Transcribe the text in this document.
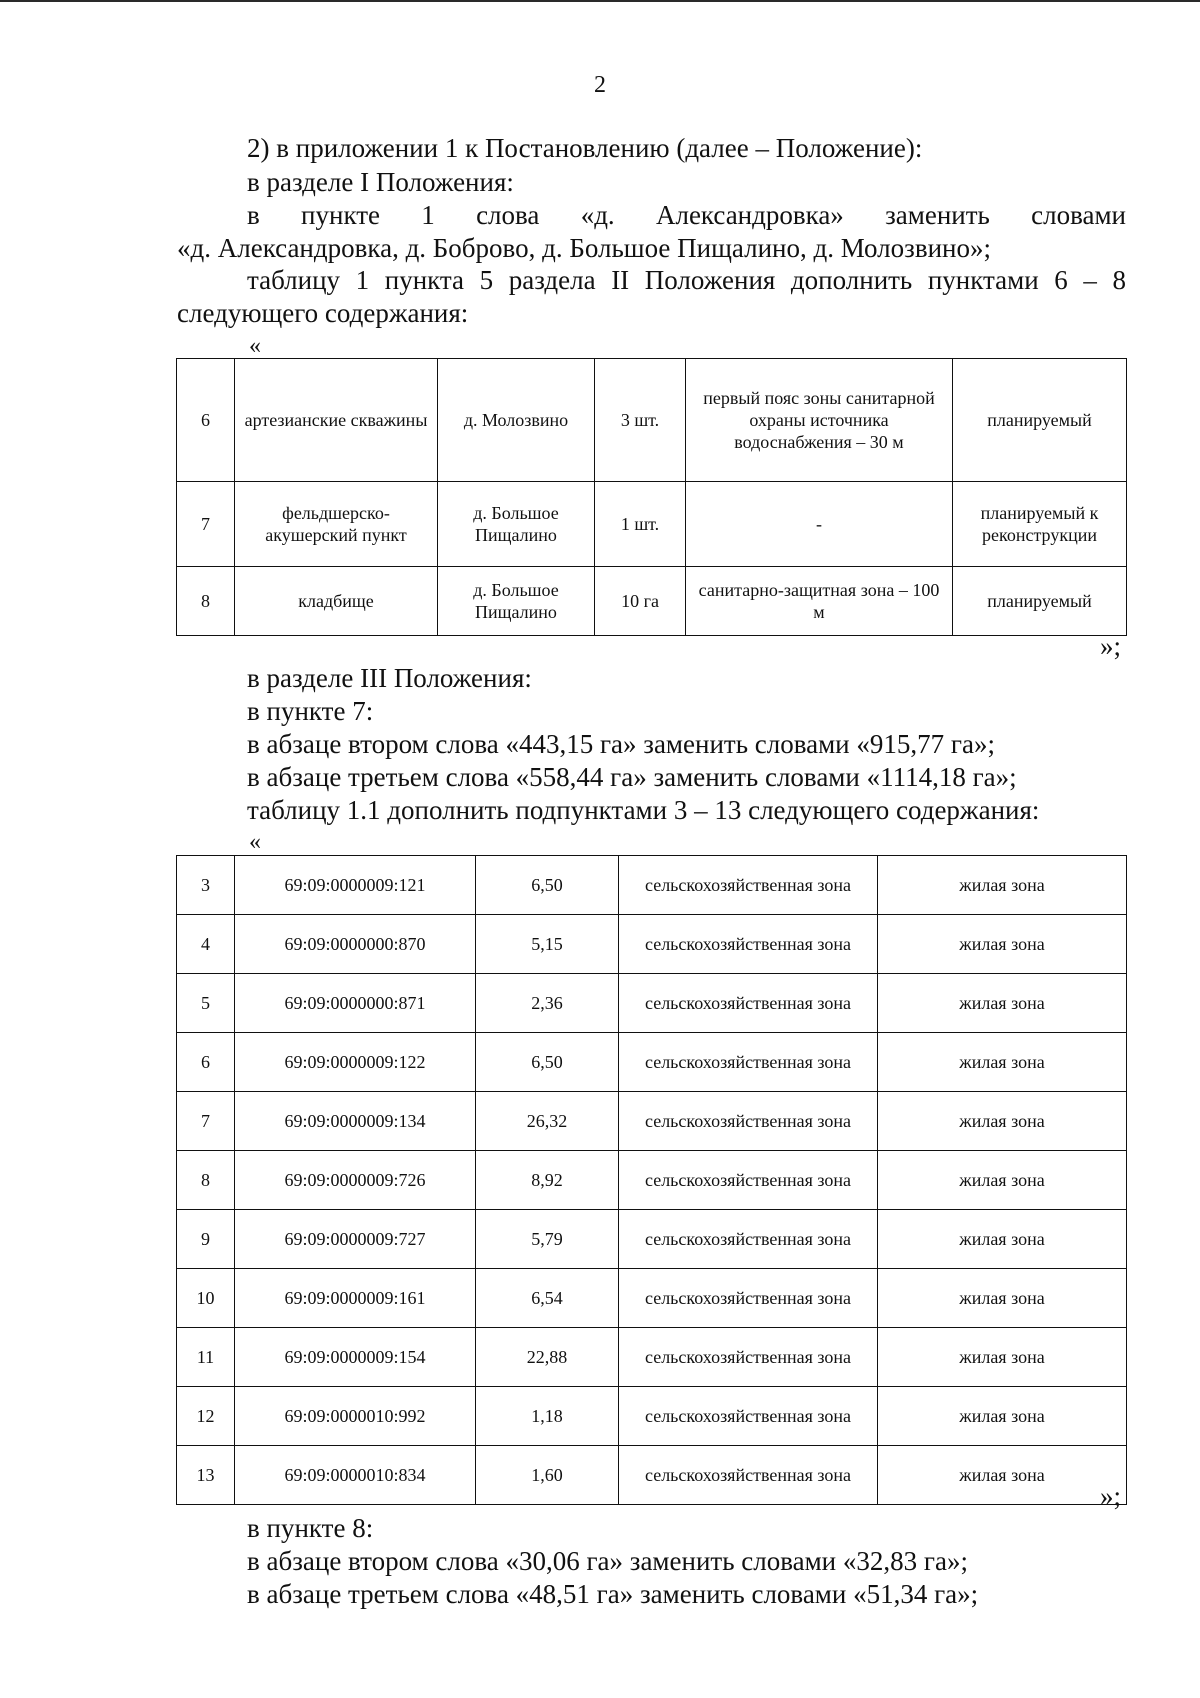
2
2) в приложении 1 к Постановлению (далее – Положение):
в разделе I Положения:
в пункте 1 слова «д. Александровка» заменить словами
«д. Александровка, д. Боброво, д. Большое Пищалино, д. Молозвино»;
таблицу 1 пункта 5 раздела II Положения дополнить пунктами 6 – 8
следующего содержания:
«
6	артезианские скважины	д. Молозвино	3 шт.	первый пояс зоны санитарной охраны источника водоснабжения – 30 м	планируемый
7	фельдшерско-акушерский пункт	д. Большое Пищалино	1 шт.	-	планируемый к реконструкции
8	кладбище	д. Большое Пищалино	10 га	санитарно-защитная зона – 100 м	планируемый
»;
в разделе III Положения:
в пункте 7:
в абзаце втором слова «443,15 га» заменить словами «915,77 га»;
в абзаце третьем слова «558,44 га» заменить словами «1114,18 га»;
таблицу 1.1 дополнить подпунктами 3 – 13 следующего содержания:
«
3	69:09:0000009:121	6,50	сельскохозяйственная зона	жилая зона
4	69:09:0000000:870	5,15	сельскохозяйственная зона	жилая зона
5	69:09:0000000:871	2,36	сельскохозяйственная зона	жилая зона
6	69:09:0000009:122	6,50	сельскохозяйственная зона	жилая зона
7	69:09:0000009:134	26,32	сельскохозяйственная зона	жилая зона
8	69:09:0000009:726	8,92	сельскохозяйственная зона	жилая зона
9	69:09:0000009:727	5,79	сельскохозяйственная зона	жилая зона
10	69:09:0000009:161	6,54	сельскохозяйственная зона	жилая зона
11	69:09:0000009:154	22,88	сельскохозяйственная зона	жилая зона
12	69:09:0000010:992	1,18	сельскохозяйственная зона	жилая зона
13	69:09:0000010:834	1,60	сельскохозяйственная зона	жилая зона
»;
в пункте 8:
в абзаце втором слова «30,06 га» заменить словами «32,83 га»;
в абзаце третьем слова «48,51 га» заменить словами «51,34 га»;
